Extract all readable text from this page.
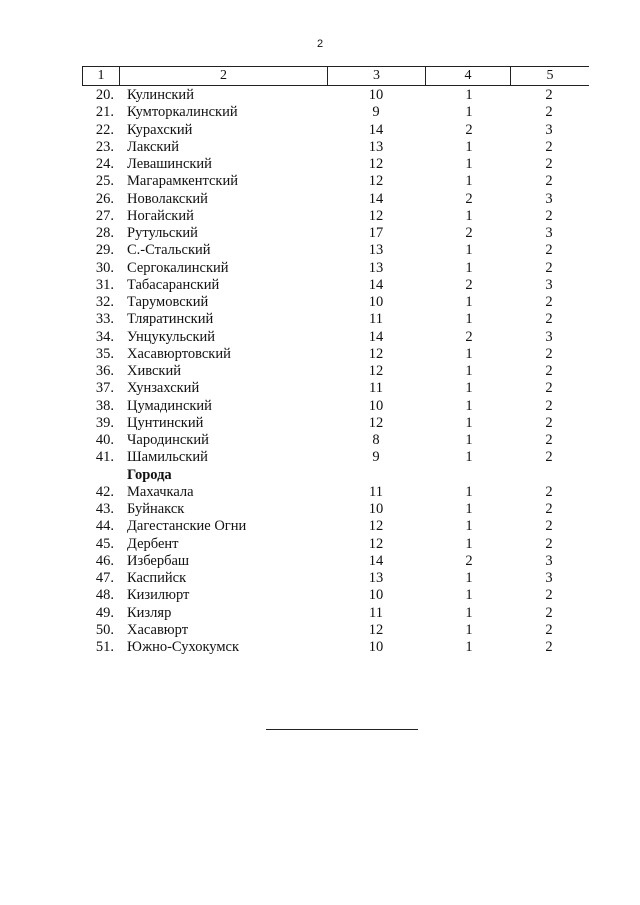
2
1	2	3	4	5
20. Кулинский	10	1	2
21. Кумторкалинский	9	1	2
22. Курахский	14	2	3
23. Лакский	13	1	2
24. Левашинский	12	1	2
25. Магарамкентский	12	1	2
26. Новолакский	14	2	3
27. Ногайский	12	1	2
28. Рутульский	17	2	3
29. С.-Стальский	13	1	2
30. Сергокалинский	13	1	2
31. Табасаранский	14	2	3
32. Тарумовский	10	1	2
33. Тляратинский	11	1	2
34. Унцукульский	14	2	3
35. Хасавюртовский	12	1	2
36. Хивский	12	1	2
37. Хунзахский	11	1	2
38. Цумадинский	10	1	2
39. Цунтинский	12	1	2
40. Чародинский	8	1	2
41. Шамильский	9	1	2
Города
42. Махачкала	11	1	2
43. Буйнакск	10	1	2
44. Дагестанские Огни	12	1	2
45. Дербент	12	1	2
46. Избербаш	14	2	3
47. Каспийск	13	1	3
48. Кизилюрт	10	1	2
49. Кизляр	11	1	2
50. Хасавюрт	12	1	2
51. Южно-Сухокумск	10	1	2
